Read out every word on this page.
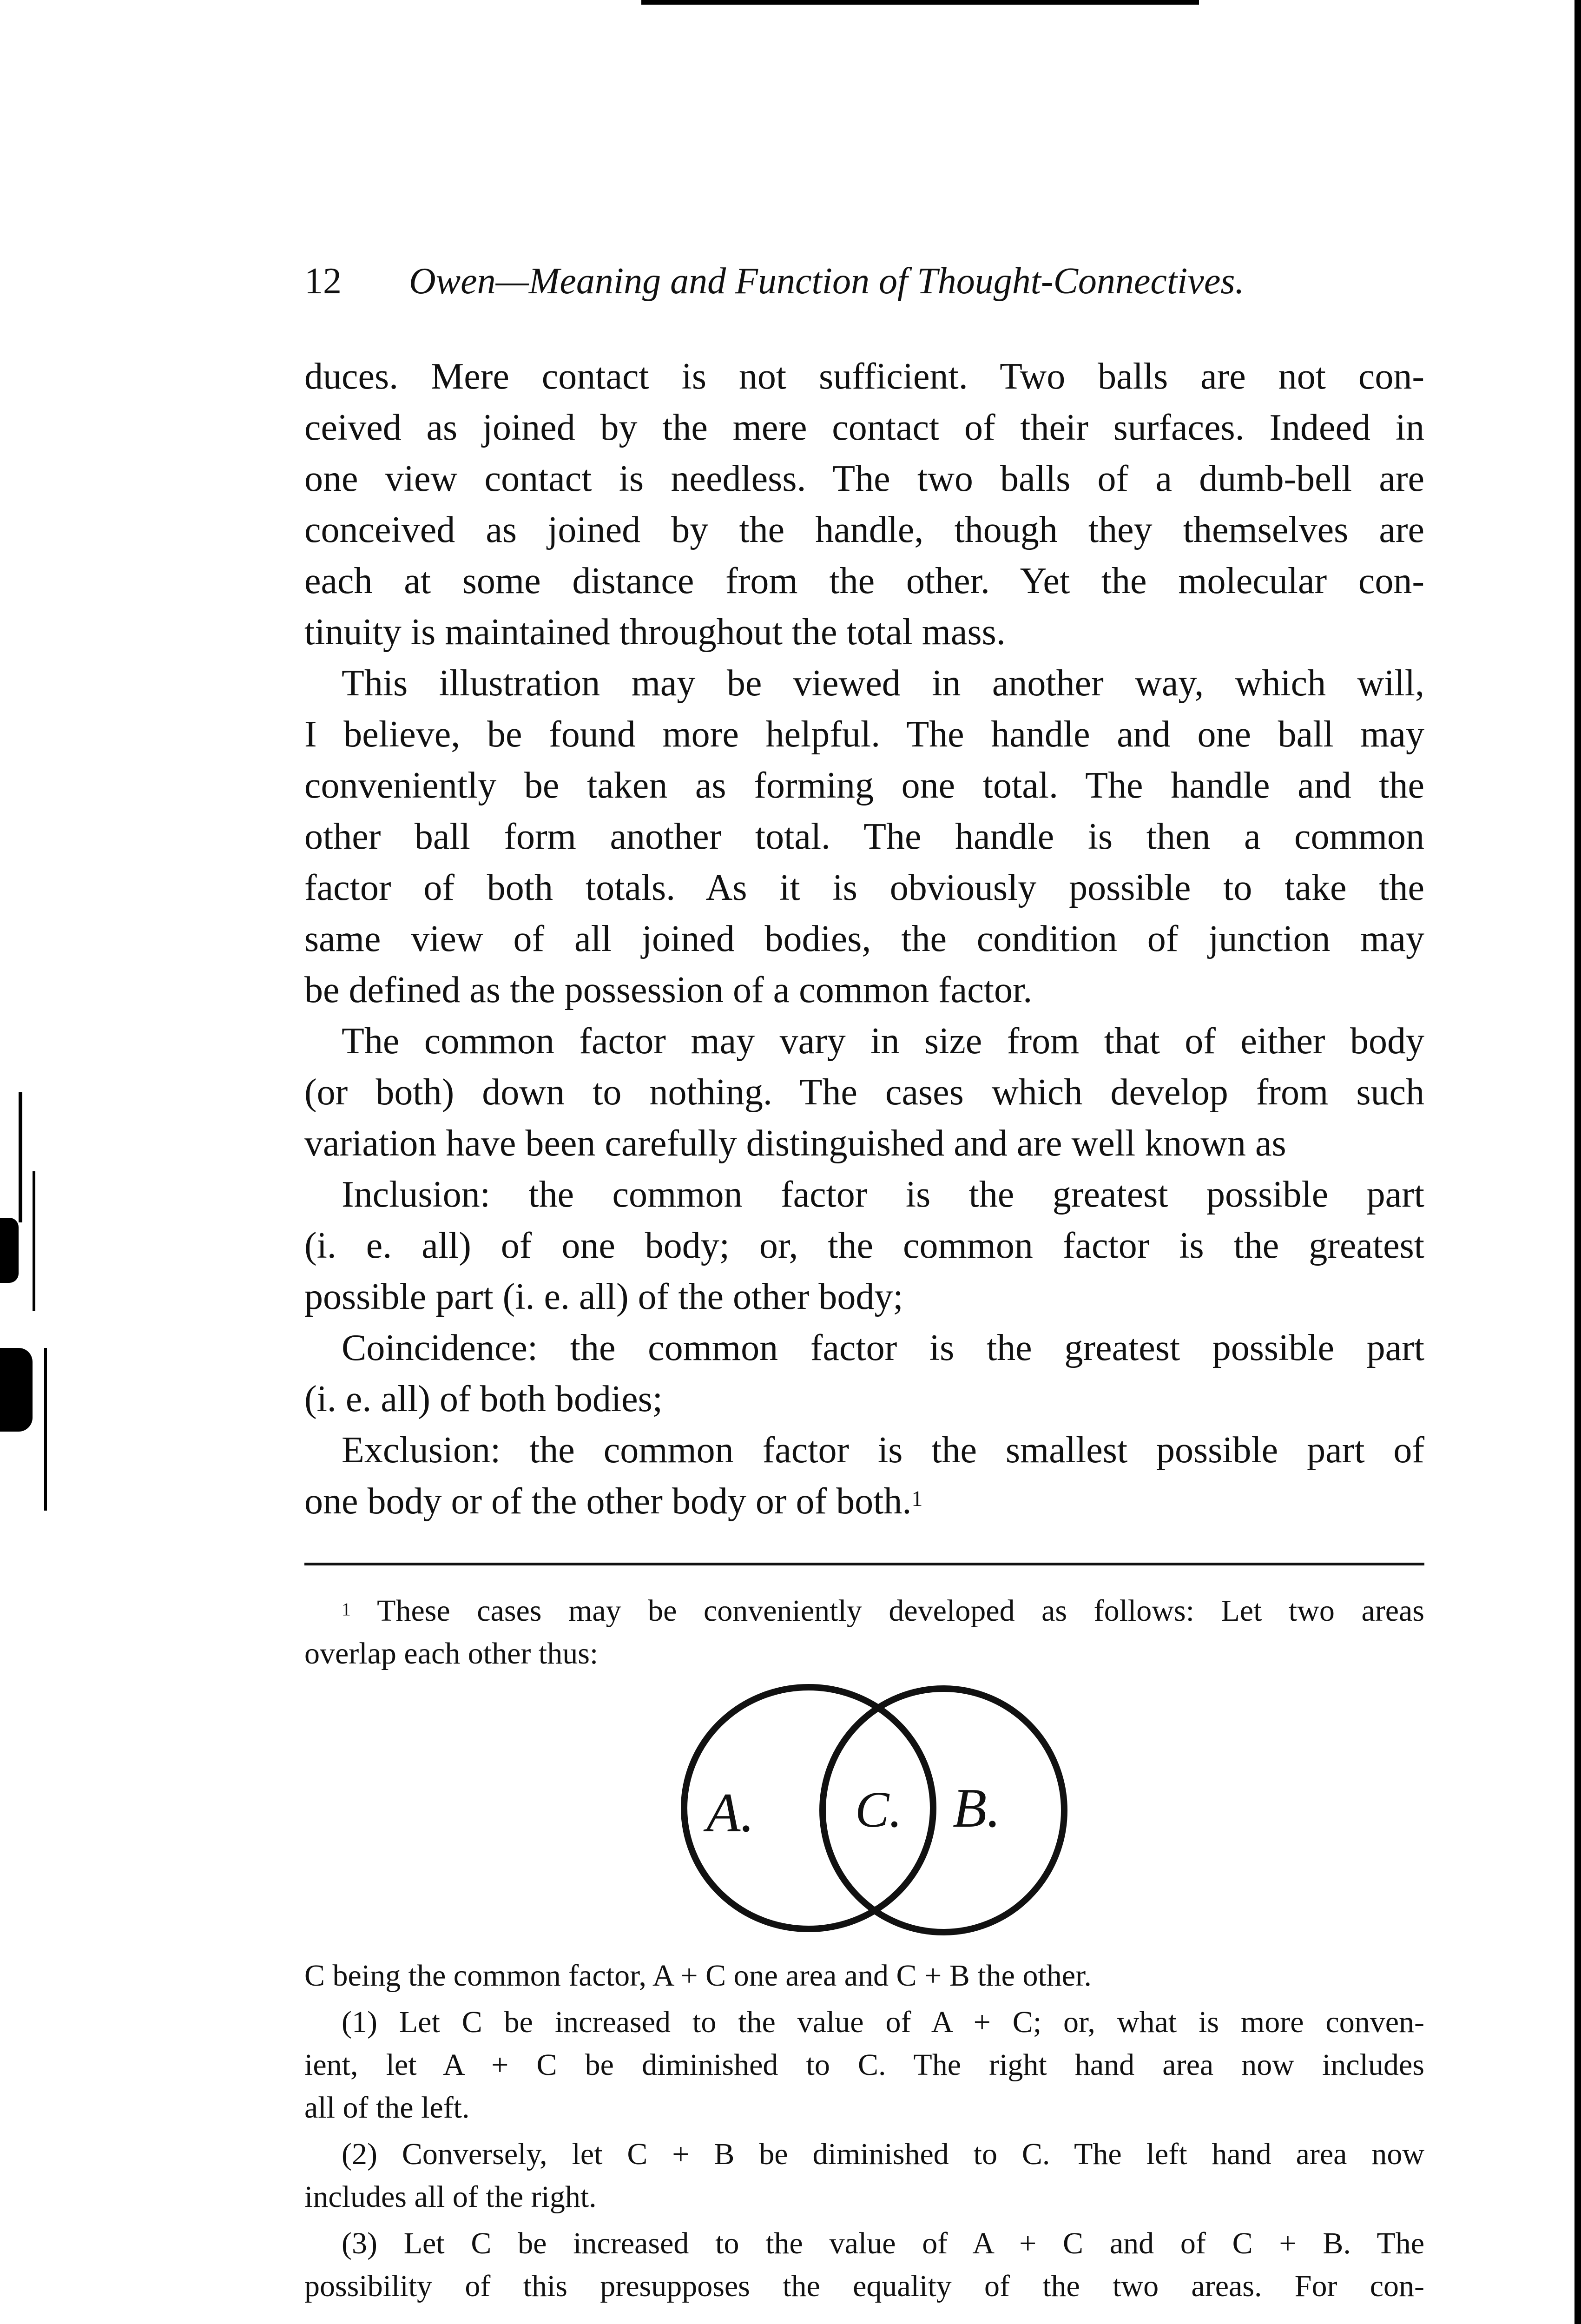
12 Owen—Meaning and Function of Thought-Connectives.

duces. Mere contact is not sufficient. Two balls are not con-
ceived as joined by the mere contact of their surfaces. Indeed in
one view contact is needless. The two balls of a dumb-bell are
conceived as joined by the handle, though they themselves are
each at some distance from the other. Yet the molecular con-
tinuity is maintained throughout the total mass.

This illustration may be viewed in another way, which will,
I believe, be found more helpful. The handle and one ball may
conveniently be taken as forming one total. The handle and the
other ball form another total. The handle is then a common
factor of both totals. As it is obviously possible to take the
same view of all joined bodies, the condition of junction may
be defined as the possession of a common factor.

The common factor may vary in size from that of either body
(or both) down to nothing. The cases which develop from such
variation have been carefully distinguished and are well known as

Inclusion: the common factor is the greatest possible part
(i. e. all) of one body; or, the common factor is the greatest
possible part (i. e. all) of the other body;

Coincidence: the common factor is the greatest possible part
(i. e. all) of both bodies;

Exclusion: the common factor is the smallest possible part of
one body or of the other body or of both.$^1$

$^1$ These cases may be conveniently developed as follows: Let two areas
overlap each other thus:
A. C. B.

C being the common factor, A + C one area and C + B the other.

(1) Let C be increased to the value of A + C; or, what is more conven-
ient, let A + C be diminished to C. The right hand area now includes
all of the left.

(2) Conversely, let C + B be diminished to C. The left hand area now
includes all of the right.

(3) Let C be increased to the value of A + C and of C + B. The
possibility of this presupposes the equality of the two areas. For con-
